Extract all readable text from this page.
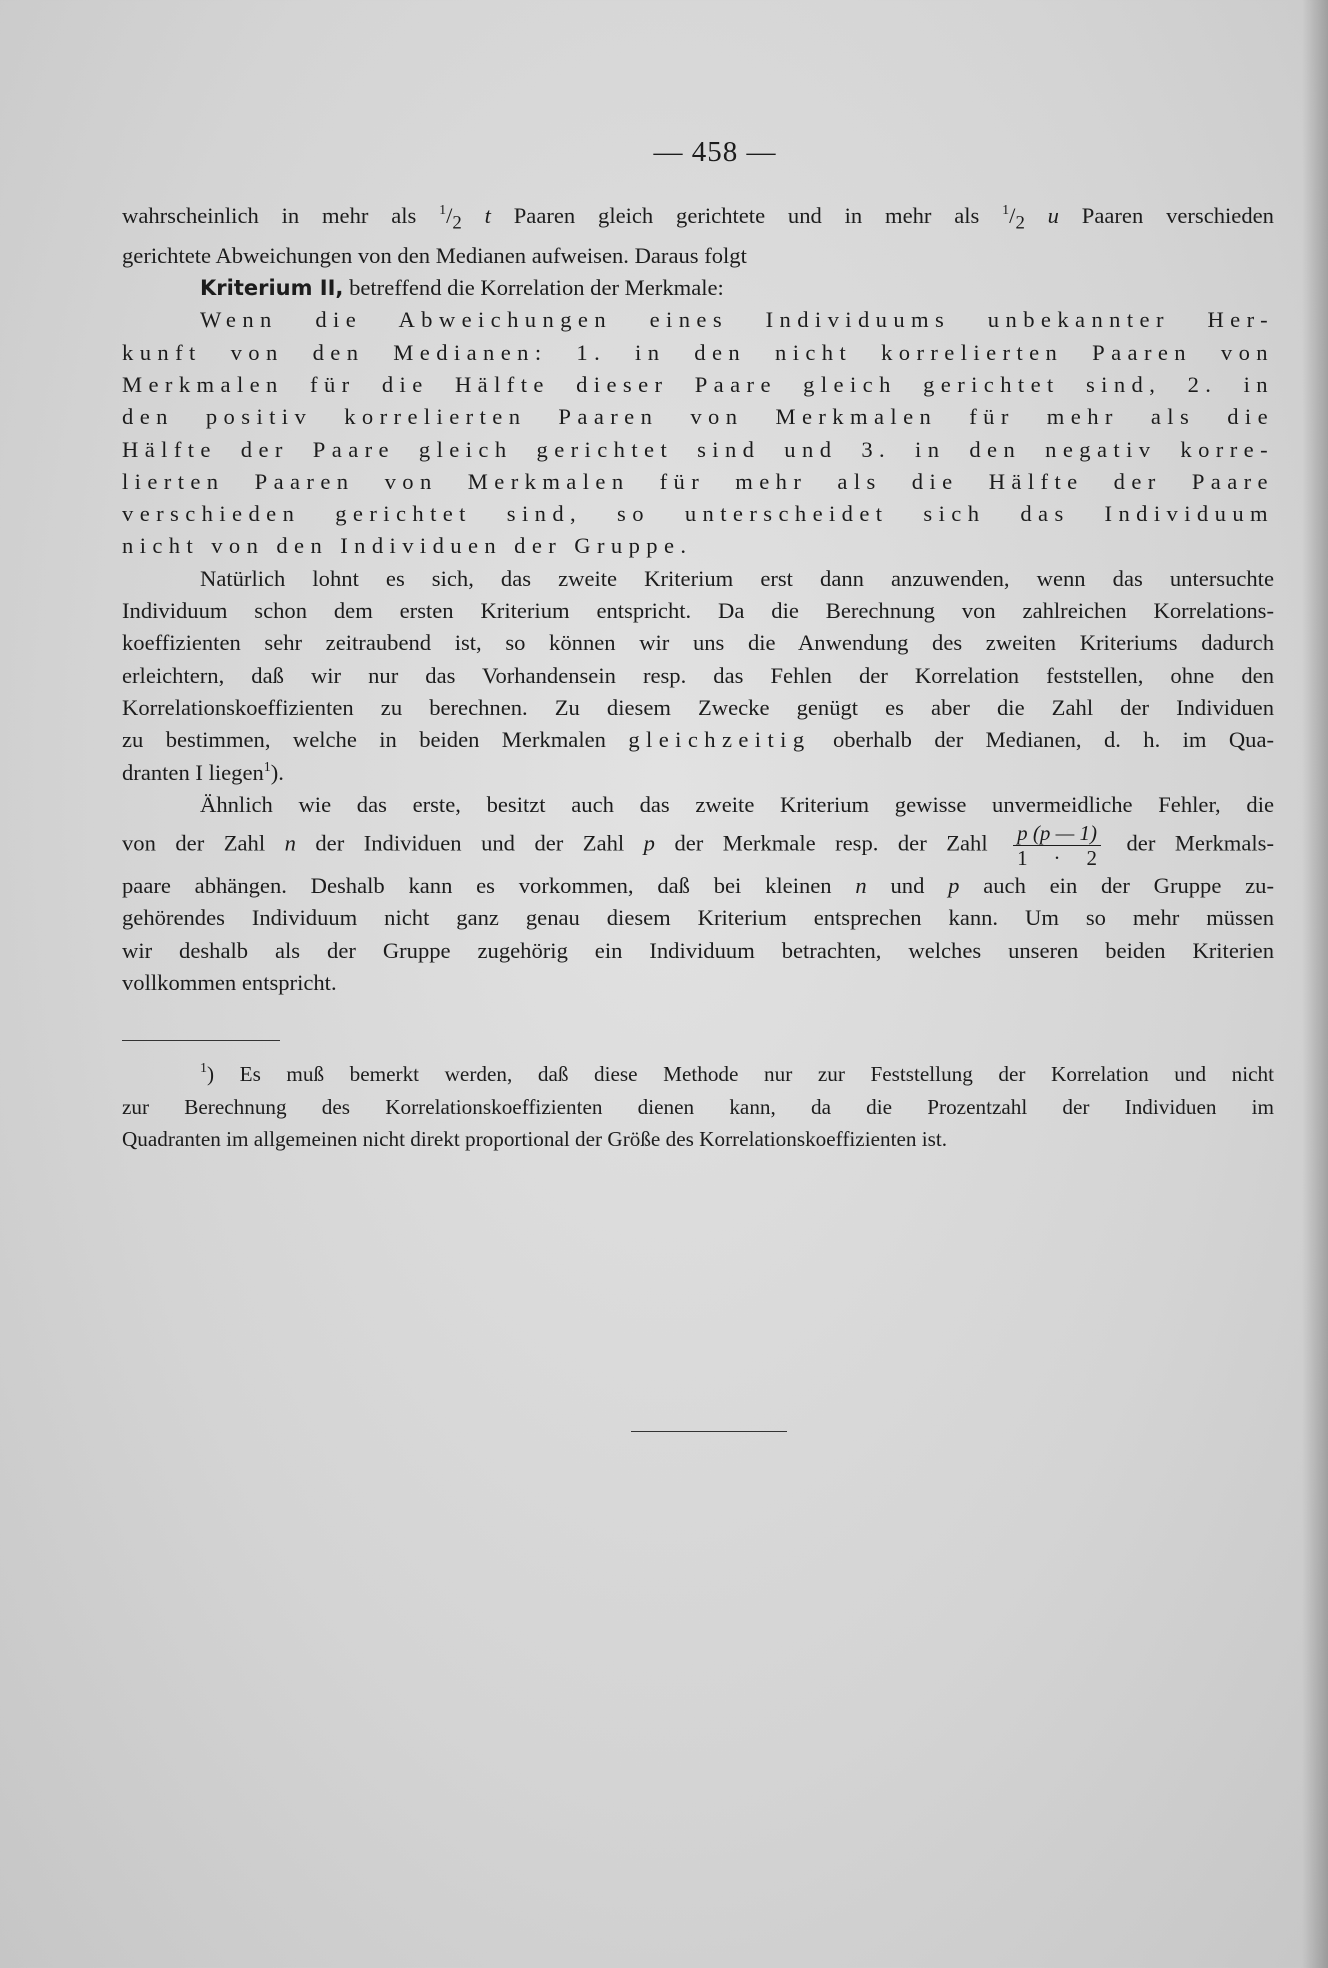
— 458 —

wahrscheinlich in mehr als $^1/_2$ t Paaren gleich gerichtete und in mehr als $^1/_2$ u Paaren verschieden

gerichtete Abweichungen von den Medianen aufweisen. Daraus folgt

Kriterium II, betreffend die Korrelation der Merkmale:

Wenn die Abweichungen eines Individuums unbekannter Her-

kunft von den Medianen: 1. in den nicht korrelierten Paaren von

Merkmalen für die Hälfte dieser Paare gleich gerichtet sind, 2. in

den positiv korrelierten Paaren von Merkmalen für mehr als die

Hälfte der Paare gleich gerichtet sind und 3. in den negativ korre-

lierten Paaren von Merkmalen für mehr als die Hälfte der Paare

verschieden gerichtet sind, so unterscheidet sich das Individuum

nicht von den Individuen der Gruppe.

Natürlich lohnt es sich, das zweite Kriterium erst dann anzuwenden, wenn das untersuchte

Individuum schon dem ersten Kriterium entspricht. Da die Berechnung von zahlreichen Korrelations-

koeffizienten sehr zeitraubend ist, so können wir uns die Anwendung des zweiten Kriteriums dadurch

erleichtern, daß wir nur das Vorhandensein resp. das Fehlen der Korrelation feststellen, ohne den

Korrelationskoeffizienten zu berechnen. Zu diesem Zwecke genügt es aber die Zahl der Individuen

zu bestimmen, welche in beiden Merkmalen gleichzeitig oberhalb der Medianen, d. h. im Qua-

dranten I liegen$^1$).

Ähnlich wie das erste, besitzt auch das zweite Kriterium gewisse unvermeidliche Fehler, die

von der Zahl n der Individuen und der Zahl p der Merkmale resp. der Zahl $\frac{p (p — 1)}{1 \cdot 2}$ der Merkmals-

paare abhängen. Deshalb kann es vorkommen, daß bei kleinen n und p auch ein der Gruppe zu-

gehörendes Individuum nicht ganz genau diesem Kriterium entsprechen kann. Um so mehr müssen

wir deshalb als der Gruppe zugehörig ein Individuum betrachten, welches unseren beiden Kriterien

vollkommen entspricht.

$^1$) Es muß bemerkt werden, daß diese Methode nur zur Feststellung der Korrelation und nicht

zur Berechnung des Korrelationskoeffizienten dienen kann, da die Prozentzahl der Individuen im

Quadranten im allgemeinen nicht direkt proportional der Größe des Korrelationskoeffizienten ist.
